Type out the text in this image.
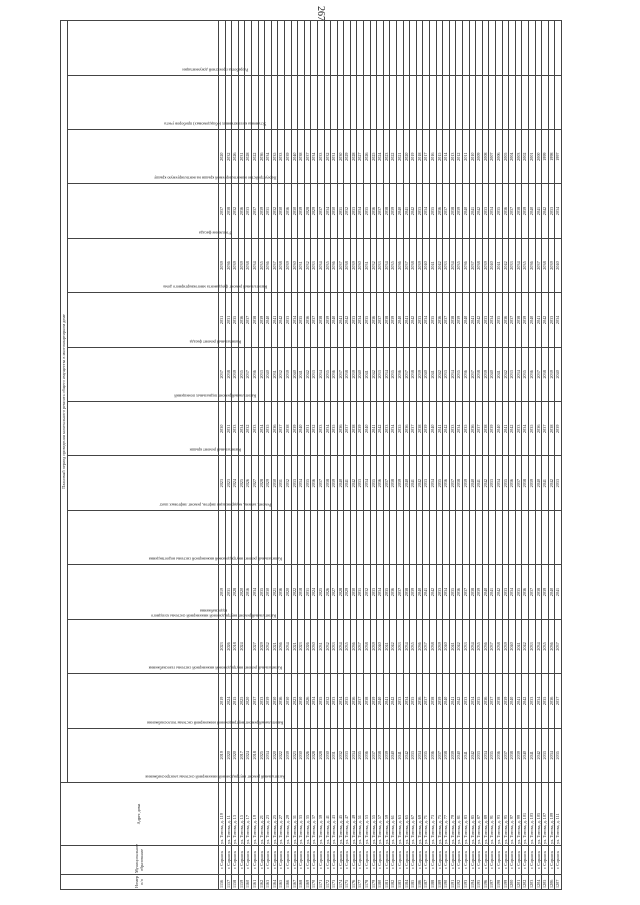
267
Номер п/п	Муниципальное образование	Адрес дома	Плановый период проведения капитального ремонта общего имущества в многоквартирном доме													

			Капитальный ремонт внутридомовой инженерной системы электроснабжения	Капитальный ремонт внутридомовой инженерной системы теплоснабжения	Капитальный ремонт внутридомовой инженерной системы газоснабжения	Капитальный ремонт внутридомовой инженерной системы холодного водоснабжения	Капитальный ремонт внутридомовой инженерной системы водоотведения	Ремонт, замена, модернизация лифтов, ремонт лифтовых шахт	Капитальный ремонт крыши	Капитальный ремонт подвальных помещений	Капитальный ремонт фасада	Капитальный ремонт фундамента многоквартирного дома	Утепление фасада	Переустройство невентилируемой крыши на вентилируемую крышу	Установка коллективных (общедомовых) приборов учета	Разработка проектной документации

1156	г. Саранск	ул. Титова, д. 119	2019	2019	2023	2019		2023	2030	2037	2031	2039	2037	2020		
1157	г. Саранск	ул. Титова, д. 11	2020	2024	2026	2031		2023	2031	2038	2031	2036	2038	2032		
1158	г. Саранск	ул. Титова, д. 13	2020	2015	2018	2028		2024	2033	2039	2035	2039	2032	2026		
1159	г. Саранск	ул. Титова, д. 15	2017	2025	2024	2020		2025	2034	2035	2036	2039	2036	2031		
1160	г. Саранск	ул. Титова, д. 17	2024	2020		2016		2026	2032	2037	2037	2038	2033	2028		
1161	г. Саранск	ул. Титова, д. 19	2018	2037	2027	2034		2027	2033	2036	2038	2034	2037	2022		
1162	г. Саранск	ул. Титова, д. 21	2025	2033	2029	2035		2028	2034	2033	2039	2035	2039	2036		
1163	г. Саранск	ул. Титова, д. 23	2034	2039	2032	2030		2029	2035	2040	2040	2036	2031	2034		
1164	г. Саранск	ул. Титова, д. 25	2020	2030	2021	2021		2030	2036	2031	2041	2037	2032	2035		
1165	г. Саранск	ул. Титова, д. 27	2022	2036	2036	2036		2031	2037	2032	2042	2038	2030	2033		
1166	г. Саранск	ул. Титова, д. 29	2039	2030	2034	2020		2032	2038	2039	2033	2039	2036	2039		
1167	г. Саранск	ул. Титова, д. 31	2023	2023	2021	2022		2033	2039	2040	2034	2030	2030	2040		
1168	г. Саранск	ул. Титова, д. 33	2030	2030	2023	2018		2034	2040	2041	2035	2031	2039	2038		
1169	г. Саранск	ул. Титова, д. 35	2026	2026	2026	2031		2035	2031	2042	2036	2032	2028	2037		
1170	г. Саранск	ул. Титова, д. 37	2028	2034	2030	2024		2036	2032	2033	2037	2033	2029	2034		
1171	г. Саранск	ул. Титова, д. 39	2028	2035	2031	2025		2037	2033	2034	2038	2034	2037	2033		
1172	г. Саранск	ул. Титова, д. 41	2030	2032	2032	2026		2038	2034	2035	2039	2035	2034	2032		
1173	г. Саранск	ул. Титова, д. 43	2031	2033	2033	2027		2039	2035	2036	2040	2036	2030	2031		
1174	г. Саранск	ул. Титова, д. 45	2032	2034	2034	2028		2040	2036	2037	2041	2037	2031	2030		
1175	г. Саранск	ул. Титова, д. 47	2033	2035	2035	2029		2041	2037	2038	2042	2038	2032	2029		
1176	г. Саранск	ул. Титова, д. 49	2034	2036	2036	2030		2042	2038	2039	2033	2039	2033	2028		
1177	г. Саранск	ул. Титова, д. 51	2035	2037	2037	2031		2033	2039	2040	2034	2030	2034	2027		
1178	г. Саранск	ул. Титова, д. 53	2036	2038	2038	2032		2034	2040	2041	2035	2031	2035	2026		
1179	г. Саранск	ул. Титова, д. 55	2037	2039	2039	2033		2035	2041	2042	2036	2032	2036	2025		
1180	г. Саранск	ул. Титова, д. 57	2038	2040	2040	2034		2036	2042	2033	2037	2033	2037	2024		
1181	г. Саранск	ул. Титова, д. 59	2039	2041	2041	2035		2037	2033	2034	2038	2034	2038	2023		
1182	г. Саранск	ул. Титова, д. 61	2040	2042	2042	2036		2038	2034	2035	2039	2035	2039	2022		
1183	г. Саранск	ул. Титова, д. 63	2041	2033	2033	2037		2039	2035	2036	2040	2036	2040	2021		
1184	г. Саранск	ул. Титова, д. 65	2042	2034	2034	2038		2040	2036	2037	2041	2037	2041	2020		
1185	г. Саранск	ул. Титова, д. 67	2033	2035	2035	2039		2041	2037	2038	2042	2038	2042	2019		
1186	г. Саранск	ул. Титова, д. 69	2034	2036	2036	2040		2042	2038	2039	2033	2039	2033	2018		
1187	г. Саранск	ул. Титова, д. 71	2035	2037	2037	2041		2033	2039	2040	2034	2040	2034	2017		
1188	г. Саранск	ул. Титова, д. 73	2036	2038	2038	2042		2034	2040	2041	2035	2041	2035	2016		
1189	г. Саранск	ул. Титова, д. 75	2037	2039	2039	2033		2035	2041	2042	2036	2042	2036	2015		
1190	г. Саранск	ул. Титова, д. 77	2038	2040	2040	2034		2036	2042	2033	2037	2033	2037	2014		
1191	г. Саранск	ул. Титова, д. 79	2039	2041	2041	2035		2037	2033	2034	2038	2034	2038	2013		
1192	г. Саранск	ул. Титова, д. 81	2040	2042	2042	2036		2038	2034	2035	2039	2035	2039	2012		
1193	г. Саранск	ул. Титова, д. 83	2041	2033	2033	2037		2039	2035	2036	2040	2036	2040	2011		
1194	г. Саранск	ул. Титова, д. 85	2042	2034	2034	2038		2040	2036	2037	2041	2037	2041	2010		
1195	г. Саранск	ул. Титова, д. 87	2033	2035	2035	2039		2041	2037	2038	2042	2038	2042	2009		
1196	г. Саранск	ул. Титова, д. 89	2034	2036	2036	2040		2042	2038	2039	2033	2039	2033	2008		
1197	г. Саранск	ул. Титова, д. 91	2035	2037	2037	2041		2033	2039	2040	2034	2040	2034	2007		
1198	г. Саранск	ул. Титова, д. 93	2036	2038	2038	2042		2034	2040	2041	2035	2041	2035	2006		
1199	г. Саранск	ул. Титова, д. 95	2037	2039	2039	2033		2035	2041	2042	2036	2042	2036	2005		
1200	г. Саранск	ул. Титова, д. 97	2038	2040	2040	2034		2036	2042	2033	2037	2033	2037	2004		
1201	г. Саранск	ул. Титова, д. 99	2039	2041	2041	2035		2037	2033	2034	2038	2034	2038	2003		
1202	г. Саранск	ул. Титова, д. 101	2040	2042	2042	2036		2038	2034	2035	2039	2035	2039	2002		
1203	г. Саранск	ул. Титова, д. 103	2041	2033	2033	2037		2039	2035	2036	2040	2036	2040	2001		
1204	г. Саранск	ул. Титова, д. 105	2042	2034	2034	2038		2040	2036	2037	2041	2037	2041	2000		
1205	г. Саранск	ул. Титова, д. 107	2033	2035	2035	2039		2041	2037	2038	2042	2038	2042	1999		
1206	г. Саранск	ул. Титова, д. 109	2034	2036	2036	2040		2042	2038	2039	2033	2039	2033	1998		
1207	г. Саранск	ул. Титова, д. 111	2035	2037	2037	2041		2033	2039	2040	2034	2040	2034	1997		
